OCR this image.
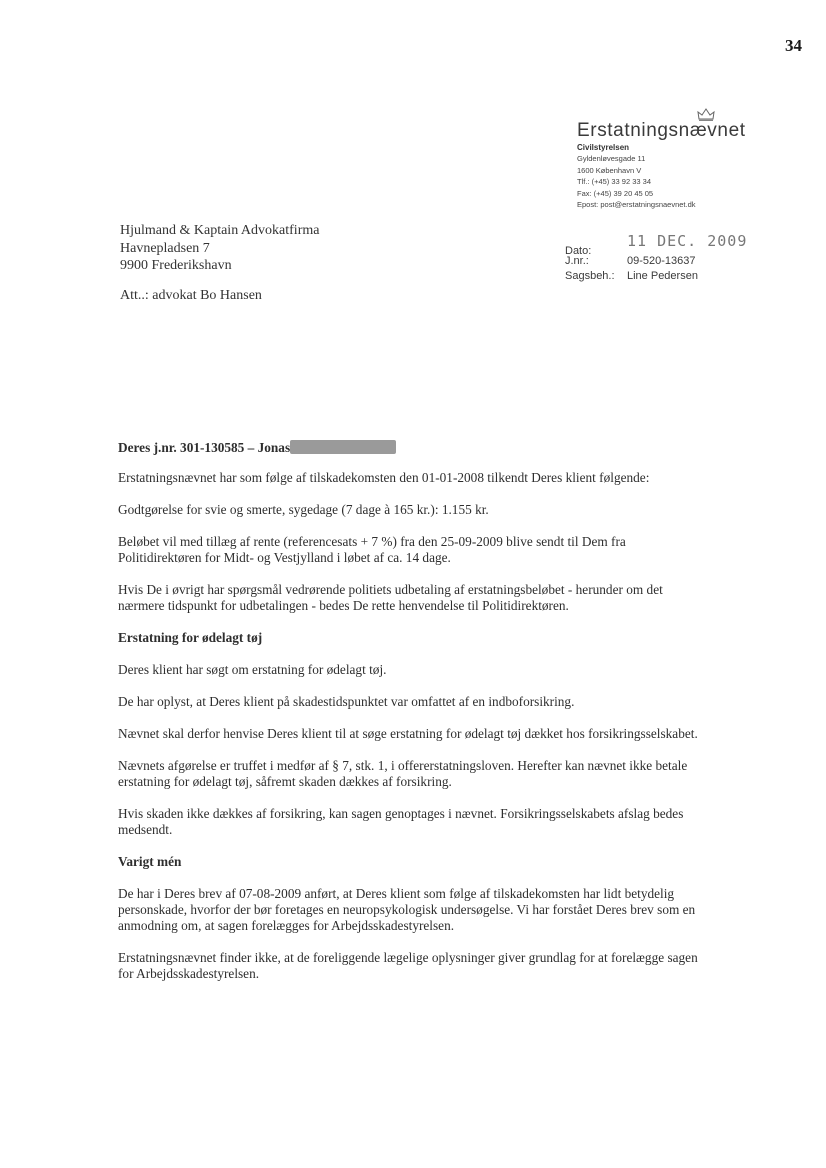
34
Erstatningsnævnet
Civilstyrelsen
Gyldenløvesgade 11
1600 København V
Tlf.: (+45) 33 92 33 34
Fax: (+45) 39 20 45 05
Epost: post@erstatningsnaevnet.dk
Hjulmand & Kaptain Advokatfirma
Havnepladsen 7
9900 Frederikshavn
Att..: advokat Bo Hansen
Dato:
11 DEC. 2009
J.nr.:	09-520-13637
Sagsbeh.:	Line Pedersen

Deres j.nr. 301-130585 – Jonas

Erstatningsnævnet har som følge af tilskadekomsten den 01-01-2008 tilkendt Deres klient følgende:

Godtgørelse for svie og smerte, sygedage (7 dage à 165 kr.): 1.155 kr.

Beløbet vil med tillæg af rente (referencesats + 7 %) fra den 25-09-2009 blive sendt til Dem fra Politidirektøren for Midt- og Vestjylland i løbet af ca. 14 dage.

Hvis De i øvrigt har spørgsmål vedrørende politiets udbetaling af erstatningsbeløbet - herunder om det nærmere tidspunkt for udbetalingen - bedes De rette henvendelse til Politidirektøren.

Erstatning for ødelagt tøj

Deres klient har søgt om erstatning for ødelagt tøj.

De har oplyst, at Deres klient på skadestidspunktet var omfattet af en indboforsikring.

Nævnet skal derfor henvise Deres klient til at søge erstatning for ødelagt tøj dækket hos forsikringsselskabet.

Nævnets afgørelse er truffet i medfør af § 7, stk. 1, i offererstatningsloven. Herefter kan nævnet ikke betale erstatning for ødelagt tøj, såfremt skaden dækkes af forsikring.

Hvis skaden ikke dækkes af forsikring, kan sagen genoptages i nævnet. Forsikringsselskabets afslag bedes medsendt.

Varigt mén

De har i Deres brev af 07-08-2009 anført, at Deres klient som følge af tilskadekomsten har lidt betydelig personskade, hvorfor der bør foretages en neuropsykologisk undersøgelse. Vi har forstået Deres brev som en anmodning om, at sagen forelægges for Arbejdsskadestyrelsen.

Erstatningsnævnet finder ikke, at de foreliggende lægelige oplysninger giver grundlag for at forelægge sagen for Arbejdsskadestyrelsen.
